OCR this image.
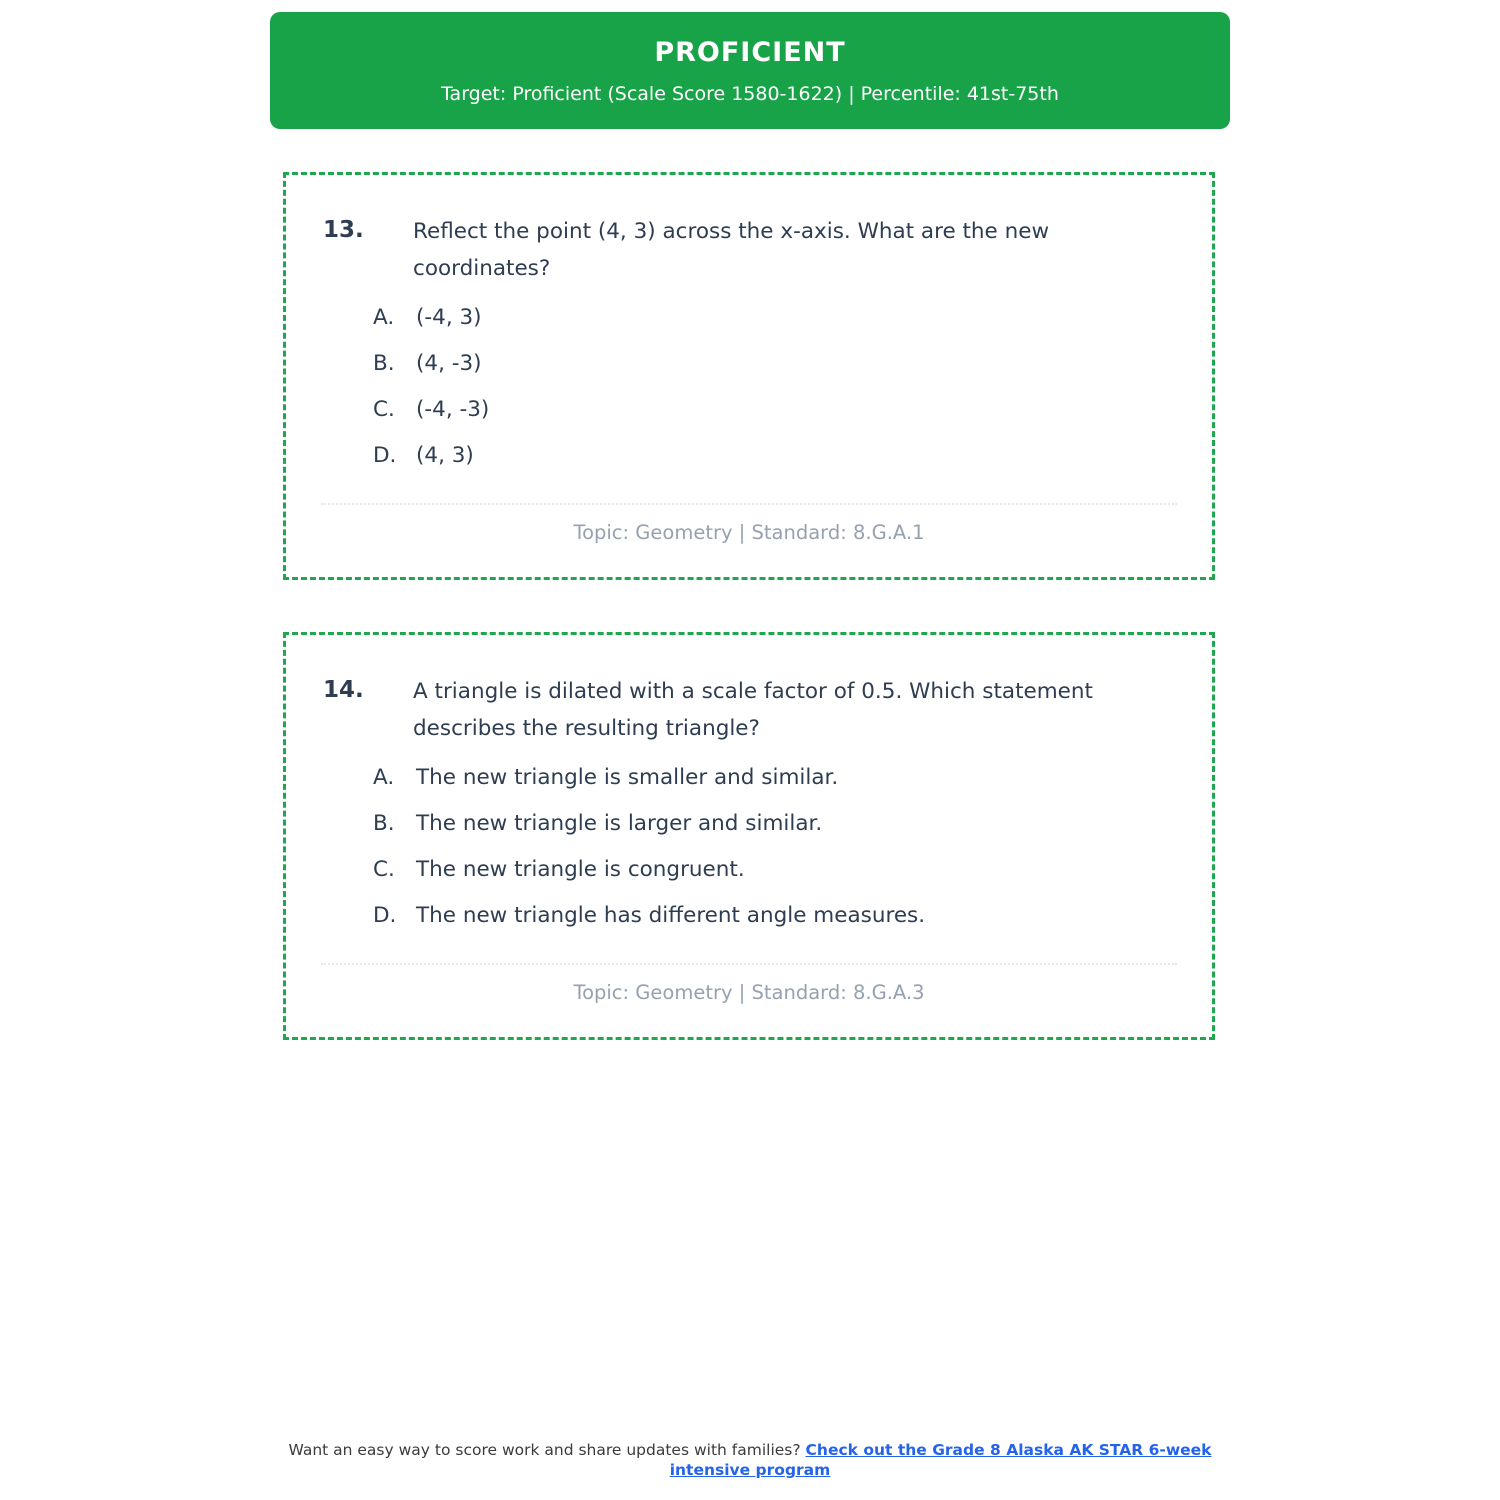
PROFICIENT
Target: Proficient (Scale Score 1580-1622) | Percentile: 41st-75th
13.	Reflect the point (4, 3) across the x-axis. What are the new coordinates?
A.	(-4, 3)
B. (4, -3)
C. (-4, -3)
D. (4, 3)
Topic: Geometry | Standard: 8.G.A.1
14.	A triangle is dilated with a scale factor of 0.5. Which statement describes the resulting triangle?
A.	The new triangle is smaller and similar.
B. The new triangle is larger and similar.
C. The new triangle is congruent.
D. The new triangle has different angle measures.
Topic: Geometry | Standard: 8.G.A.3
Want an easy way to score work and share updates with families? Check out the Grade 8 Alaska AK STAR 6-week intensive program
